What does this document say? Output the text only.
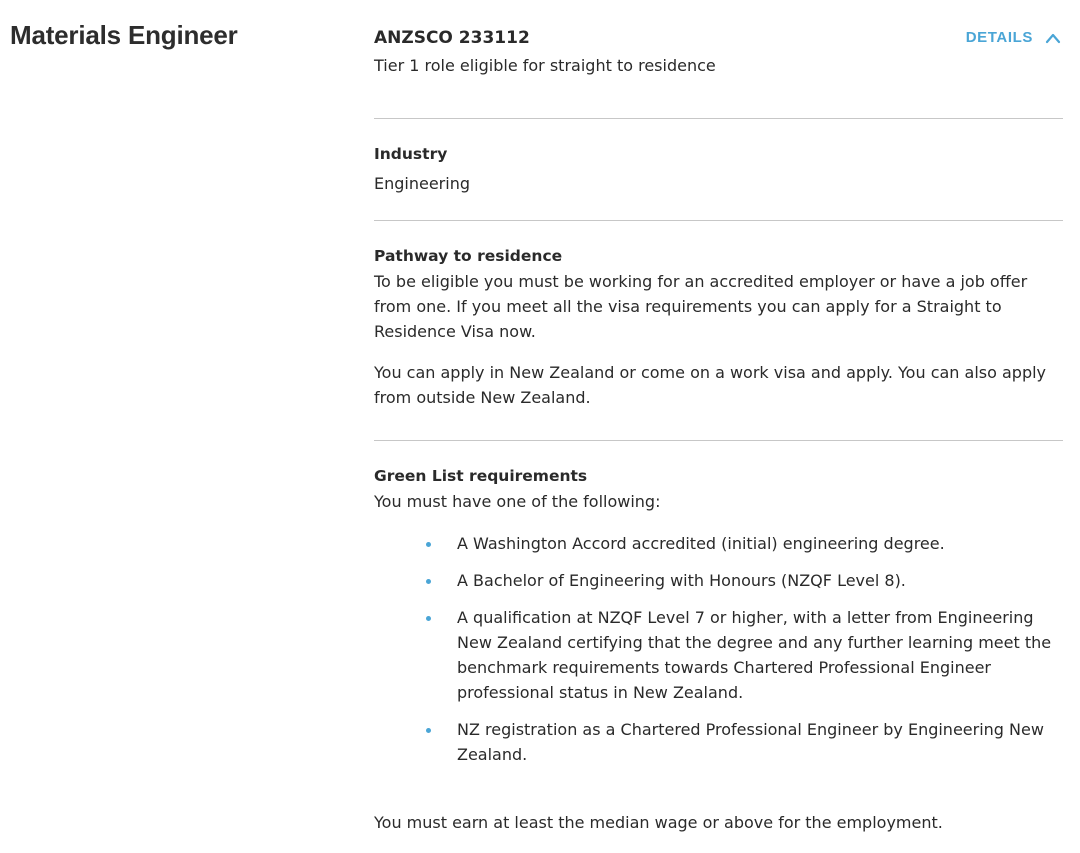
Materials Engineer	ANZSCO 233112
Tier 1 role eligible for straight to residence
DETAILS
Industry
Engineering
Pathway to residence

To be eligible you must be working for an accredited employer or have a job offer from one. If you meet all the visa requirements you can apply for a Straight to Residence Visa now.

You can apply in New Zealand or come on a work visa and apply. You can also apply from outside New Zealand.

Green List requirements

You must have one of the following:

A Washington Accord accredited (initial) engineering degree.
A Bachelor of Engineering with Honours (NZQF Level 8).
A qualification at NZQF Level 7 or higher, with a letter from Engineering New Zealand certifying that the degree and any further learning meet the benchmark requirements towards Chartered Professional Engineer professional status in New Zealand.
NZ registration as a Chartered Professional Engineer by Engineering New Zealand.

You must earn at least the median wage or above for the employment.
